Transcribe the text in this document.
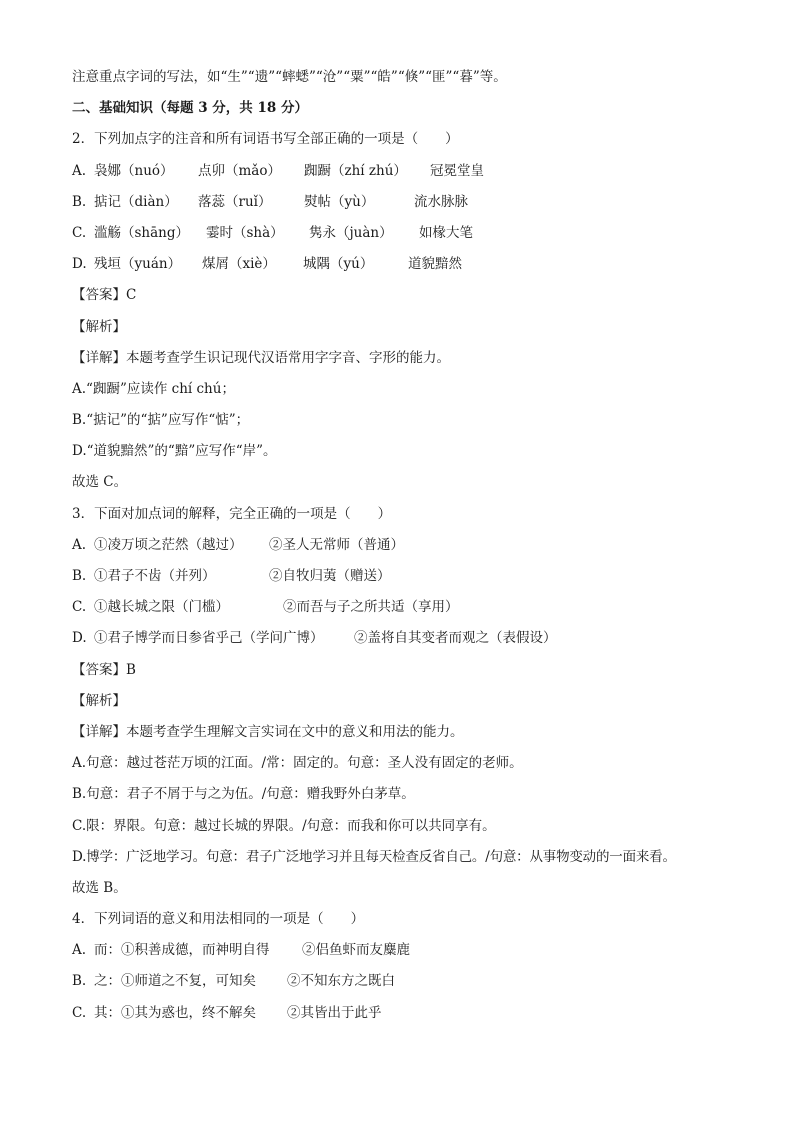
注意重点字词的写法，如“生”“遗”“蟀蟋”“沧”“粟”“皓”“倏”“匪”“暮”等。
二、基础知识（每题 3 分，共 18 分）
2．下列加点字的注音和所有词语书写全部正确的一项是（　　）
A. 袅娜（nuó）	点卯（mǎo）	踟蹰（zhí zhú）	冠冕堂皇
B. 掂记（diàn）	落蕊（ruǐ）	熨帖（yù）	流水脉脉
C. 滥觞（shāng）	霎时（shà）	隽永（juàn）	如椽大笔
D. 残垣（yuán）	煤屑（xiè）	城隅（yú）	道貌黯然
【答案】C
【解析】
【详解】本题考查学生识记现代汉语常用字字音、字形的能力。
A.“踟蹰”应读作 chí chú；
B.“掂记”的“掂”应写作“惦”；
D.“道貌黯然”的“黯”应写作“岸”。
故选 C。
3．下面对加点词的解释，完全正确的一项是（　　）
A. ①凌万顷之茫然（越过）	②圣人无常师（普通）
B. ①君子不齿（并列）	②自牧归荑（赠送）
C. ①越长城之限（门槛）	②而吾与子之所共适（享用）
D. ①君子博学而日参省乎己（学问广博）	②盖将自其变者而观之（表假设）
【答案】B
【解析】
【详解】本题考查学生理解文言实词在文中的意义和用法的能力。
A.句意：越过苍茫万顷的江面。/常：固定的。句意：圣人没有固定的老师。
B.句意：君子不屑于与之为伍。/句意：赠我野外白茅草。
C.限：界限。句意：越过长城的界限。/句意：而我和你可以共同享有。
D.博学：广泛地学习。句意：君子广泛地学习并且每天检查反省自己。/句意：从事物变动的一面来看。
故选 B。
4．下列词语的意义和用法相同的一项是（　　）
A. 而：①积善成德，而神明自得	②侣鱼虾而友麋鹿
B. 之：①师道之不复，可知矣	②不知东方之既白
C. 其：①其为惑也，终不解矣	②其皆出于此乎
